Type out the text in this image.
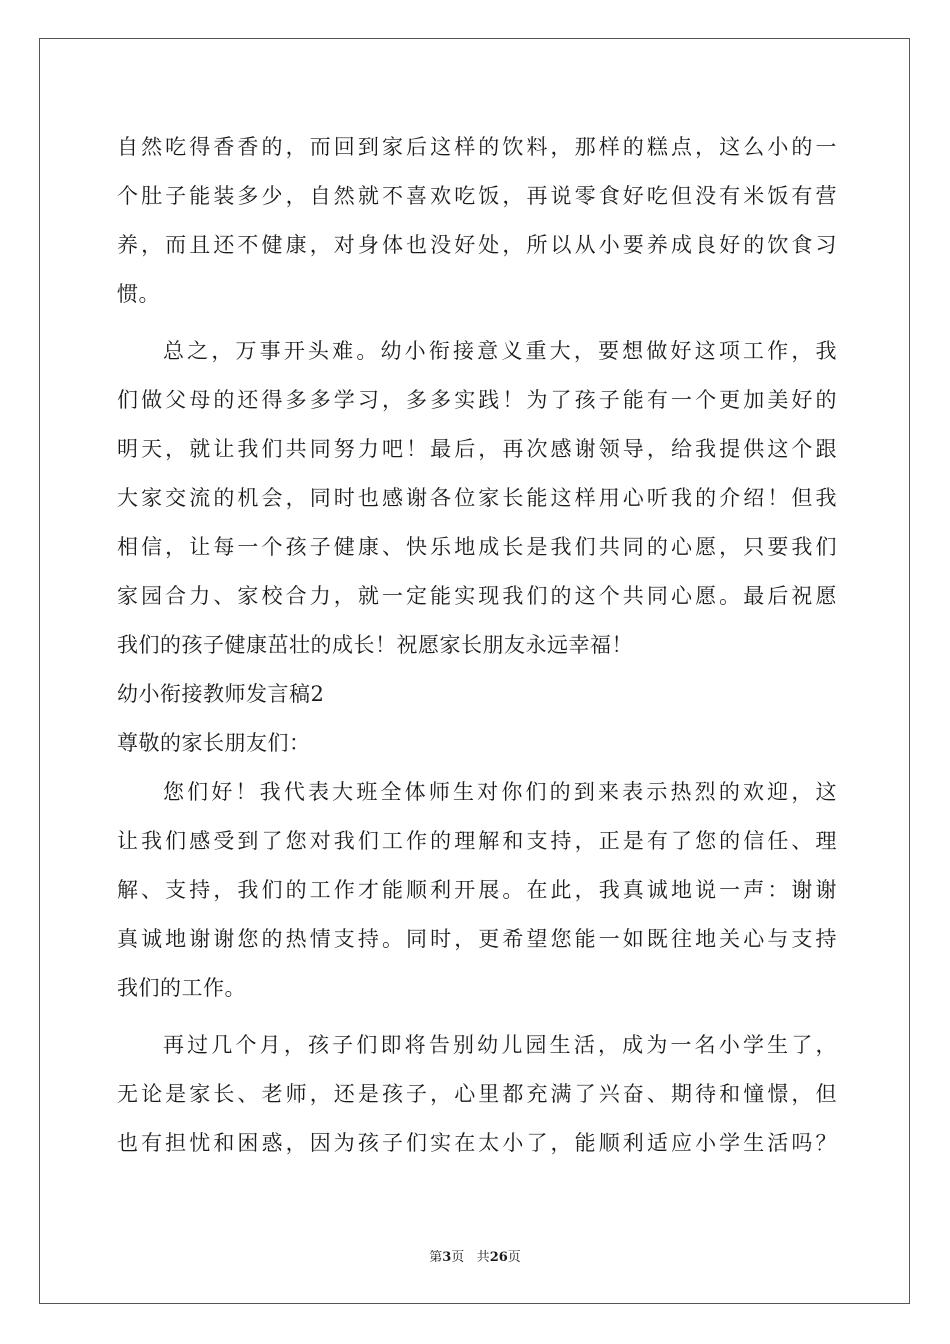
自然吃得香香的，而回到家后这样的饮料，那样的糕点，这么小的一
个肚子能装多少，自然就不喜欢吃饭，再说零食好吃但没有米饭有营
养，而且还不健康，对身体也没好处，所以从小要养成良好的饮食习
惯。
总之，万事开头难。幼小衔接意义重大，要想做好这项工作，我
们做父母的还得多多学习，多多实践！为了孩子能有一个更加美好的
明天，就让我们共同努力吧！最后，再次感谢领导，给我提供这个跟
大家交流的机会，同时也感谢各位家长能这样用心听我的介绍！但我
相信，让每一个孩子健康、快乐地成长是我们共同的心愿，只要我们
家园合力、家校合力，就一定能实现我们的这个共同心愿。最后祝愿
我们的孩子健康茁壮的成长！祝愿家长朋友永远幸福！
幼小衔接教师发言稿2
尊敬的家长朋友们：
您们好！我代表大班全体师生对你们的到来表示热烈的欢迎，这
让我们感受到了您对我们工作的理解和支持，正是有了您的信任、理
解、支持，我们的工作才能顺利开展。在此，我真诚地说一声：谢谢
真诚地谢谢您的热情支持。同时，更希望您能一如既往地关心与支持
我们的工作。
再过几个月，孩子们即将告别幼儿园生活，成为一名小学生了，
无论是家长、老师，还是孩子，心里都充满了兴奋、期待和憧憬，但
也有担忧和困惑，因为孩子们实在太小了，能顺利适应小学生活吗？
第3页 共26页
